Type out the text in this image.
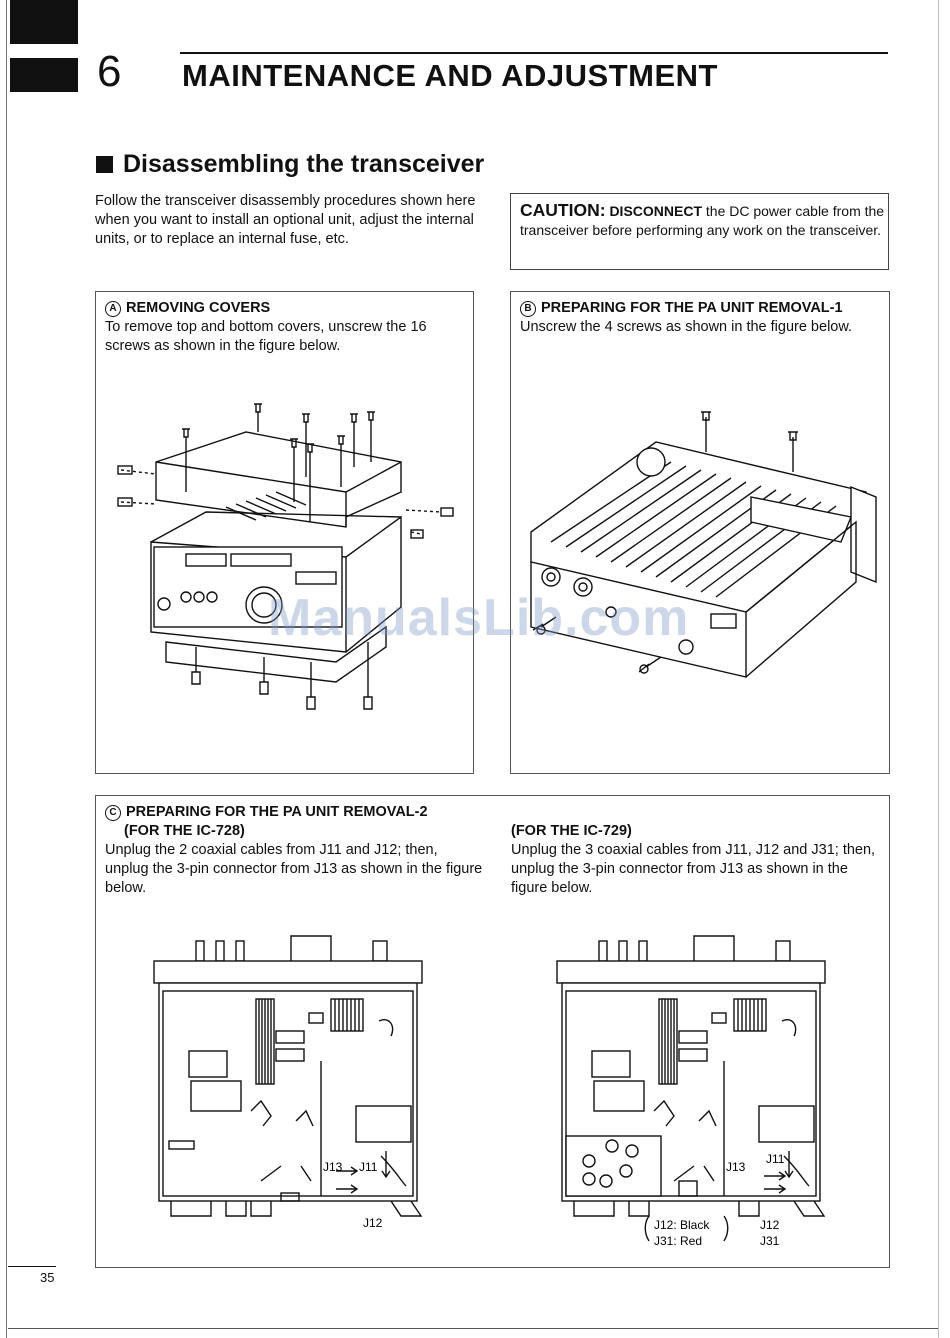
6 MAINTENANCE AND ADJUSTMENT
Disassembling the transceiver
Follow the transceiver disassembly procedures shown here when you want to install an optional unit, adjust the internal units, or to replace an internal fuse, etc.
CAUTION: DISCONNECT the DC power cable from the transceiver before performing any work on the transceiver.
A REMOVING COVERS
To remove top and bottom covers, unscrew the 16 screws as shown in the figure below.
B PREPARING FOR THE PA UNIT REMOVAL-1
Unscrew the 4 screws as shown in the figure below.
C PREPARING FOR THE PA UNIT REMOVAL-2
(FOR THE IC-728)
Unplug the 2 coaxial cables from J11 and J12; then, unplug the 3-pin connector from J13 as shown in the figure below.
(FOR THE IC-729)
Unplug the 3 coaxial cables from J11, J12 and J31; then, unplug the 3-pin connector from J13 as shown in the figure below.
J13 J11
J12
J13
J11
J12
J31
J12: Black
J31: Red
ManualsLib.com
35
